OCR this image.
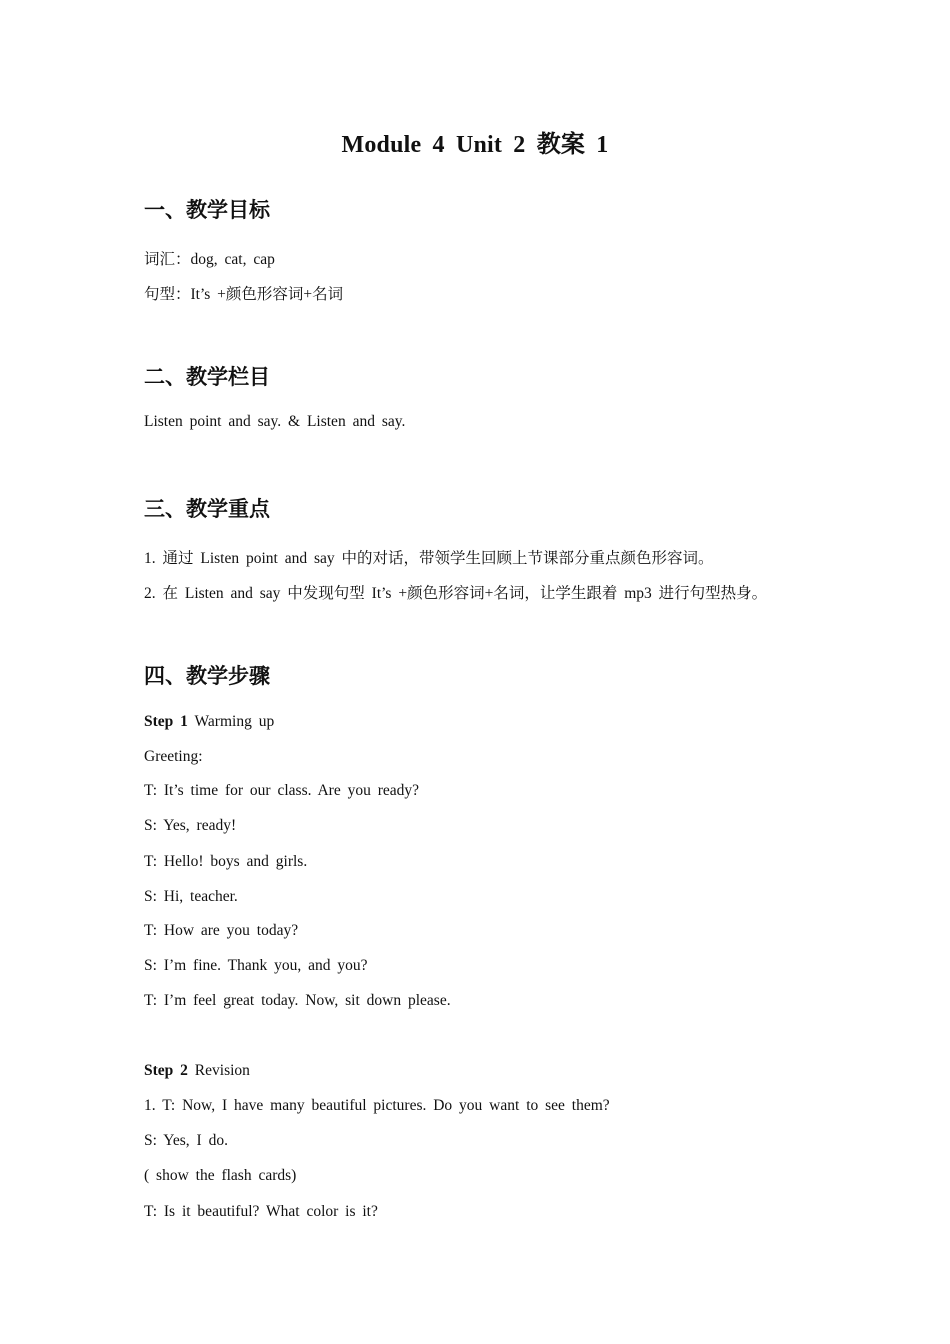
Module 4 Unit 2 教案 1
一、教学目标
词汇：dog, cat, cap
句型：It’s +颜色形容词+名词
二、教学栏目
Listen point and say. & Listen and say.
三、教学重点
1. 通过 Listen point and say 中的对话，带领学生回顾上节课部分重点颜色形容词。
2. 在 Listen and say 中发现句型 It’s +颜色形容词+名词，让学生跟着 mp3 进行句型热身。
四、教学步骤
Step 1 Warming up
Greeting:
T: It’s time for our class. Are you ready?
S: Yes, ready!
T: Hello! boys and girls.
S: Hi, teacher.
T: How are you today?
S: I’m fine. Thank you, and you?
T: I’m feel great today. Now, sit down please.
Step 2 Revision
1. T: Now, I have many beautiful pictures. Do you want to see them?
S: Yes, I do.
( show the flash cards)
T: Is it beautiful? What color is it?
